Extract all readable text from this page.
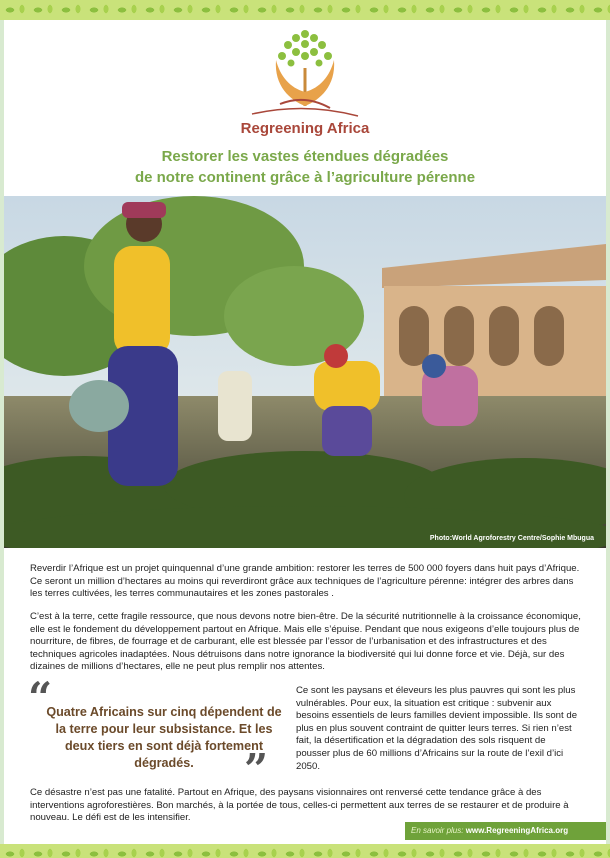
Regreening Africa
Restorer les vastes étendues dégradées
de notre continent grâce à l’agriculture pérenne
Photo:World Agroforestry Centre/Sophie Mbugua
Reverdir l’Afrique est un projet quinquennal d’une grande ambition: restorer les terres de 500 000 foyers dans huit pays d’Afrique. Ce seront un million d’hectares au moins qui reverdiront grâce aux techniques de l’agriculture pérenne: intégrer des arbres dans les terres cultivées, les terres communautaires et les zones pastorales .
C’est à la terre, cette fragile ressource, que nous devons notre bien-être. De la sécurité nutritionnelle à la croissance économique, elle est le fondement du développement partout en Afrique. Mais elle s’épuise. Pendant que nous exigeons d’elle toujours plus de nourriture, de fibres, de fourrage et de carburant, elle est blessée par l’essor de l’urbanisation et des infrastructures et des techniques agricoles inadaptées. Nous détruisons dans notre ignorance la biodiversité qui lui donne force et vie. Déjà, sur des dizaines de millions d’hectares, elle ne peut plus remplir nos attentes.
“
Quatre Africains sur cinq dépendent de la terre pour leur subsistance. Et les deux tiers en sont déjà fortement dégradés.	”
Ce sont les paysans et éleveurs les plus pauvres qui sont les plus vulnérables. Pour eux, la situation est critique : subvenir aux besoins essentiels de leurs familles devient impossible. Ils sont de plus en plus souvent contraint de quitter leurs terres. Si rien n’est fait, la désertification et la dégradation des sols risquent de pousser plus de 60 millions d’Africains sur la route de l’exil d’ici 2050.
Ce désastre n’est pas une fatalité. Partout en Afrique, des paysans visionnaires ont renversé cette tendance grâce à des interventions agroforestières. Bon marchés, à la portée de tous, celles-ci permettent aux terres de se restaurer et de produire à nouveau. Le défi est de les intensifier.
En savoir plus: www.RegreeningAfrica.org
